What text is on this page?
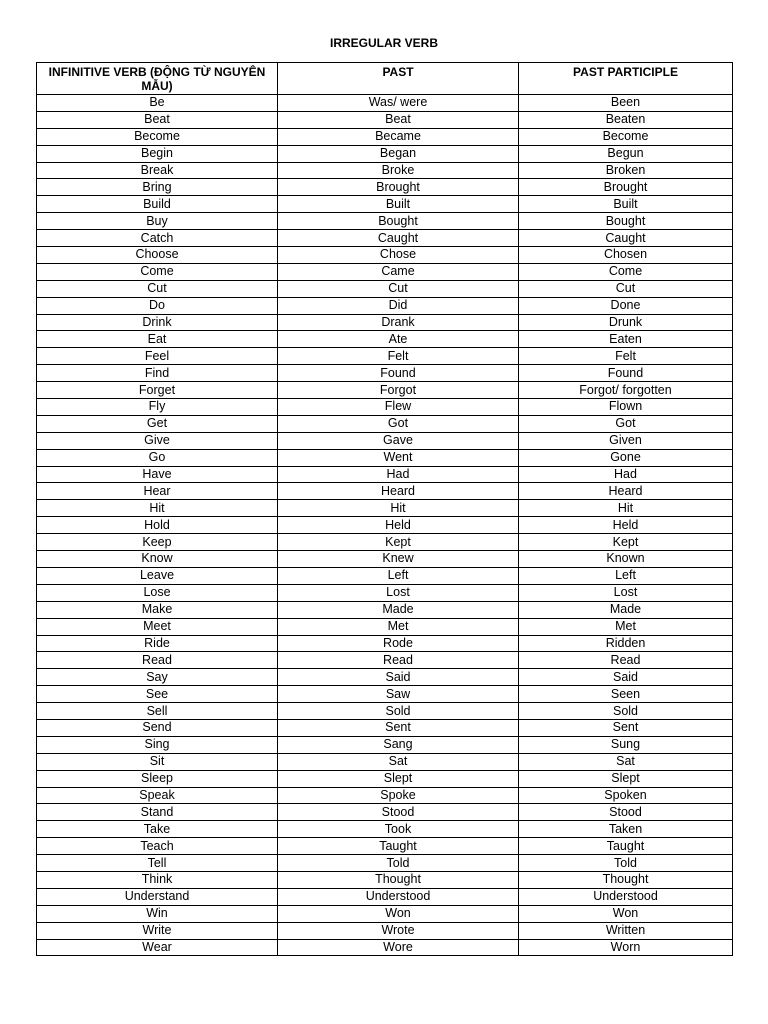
IRREGULAR VERB
INFINITIVE VERB (ĐỘNG TỪ NGUYÊN MẪU)	PAST	PAST PARTICIPLE
Be	Was/ were	Been
Beat	Beat	Beaten
Become	Became	Become
Begin	Began	Begun
Break	Broke	Broken
Bring	Brought	Brought
Build	Built	Built
Buy	Bought	Bought
Catch	Caught	Caught
Choose	Chose	Chosen
Come	Came	Come
Cut	Cut	Cut
Do	Did	Done
Drink	Drank	Drunk
Eat	Ate	Eaten
Feel	Felt	Felt
Find	Found	Found
Forget	Forgot	Forgot/ forgotten
Fly	Flew	Flown
Get	Got	Got
Give	Gave	Given
Go	Went	Gone
Have	Had	Had
Hear	Heard	Heard
Hit	Hit	Hit
Hold	Held	Held
Keep	Kept	Kept
Know	Knew	Known
Leave	Left	Left
Lose	Lost	Lost
Make	Made	Made
Meet	Met	Met
Ride	Rode	Ridden
Read	Read	Read
Say	Said	Said
See	Saw	Seen
Sell	Sold	Sold
Send	Sent	Sent
Sing	Sang	Sung
Sit	Sat	Sat
Sleep	Slept	Slept
Speak	Spoke	Spoken
Stand	Stood	Stood
Take	Took	Taken
Teach	Taught	Taught
Tell	Told	Told
Think	Thought	Thought
Understand	Understood	Understood
Win	Won	Won
Write	Wrote	Written
Wear	Wore	Worn
